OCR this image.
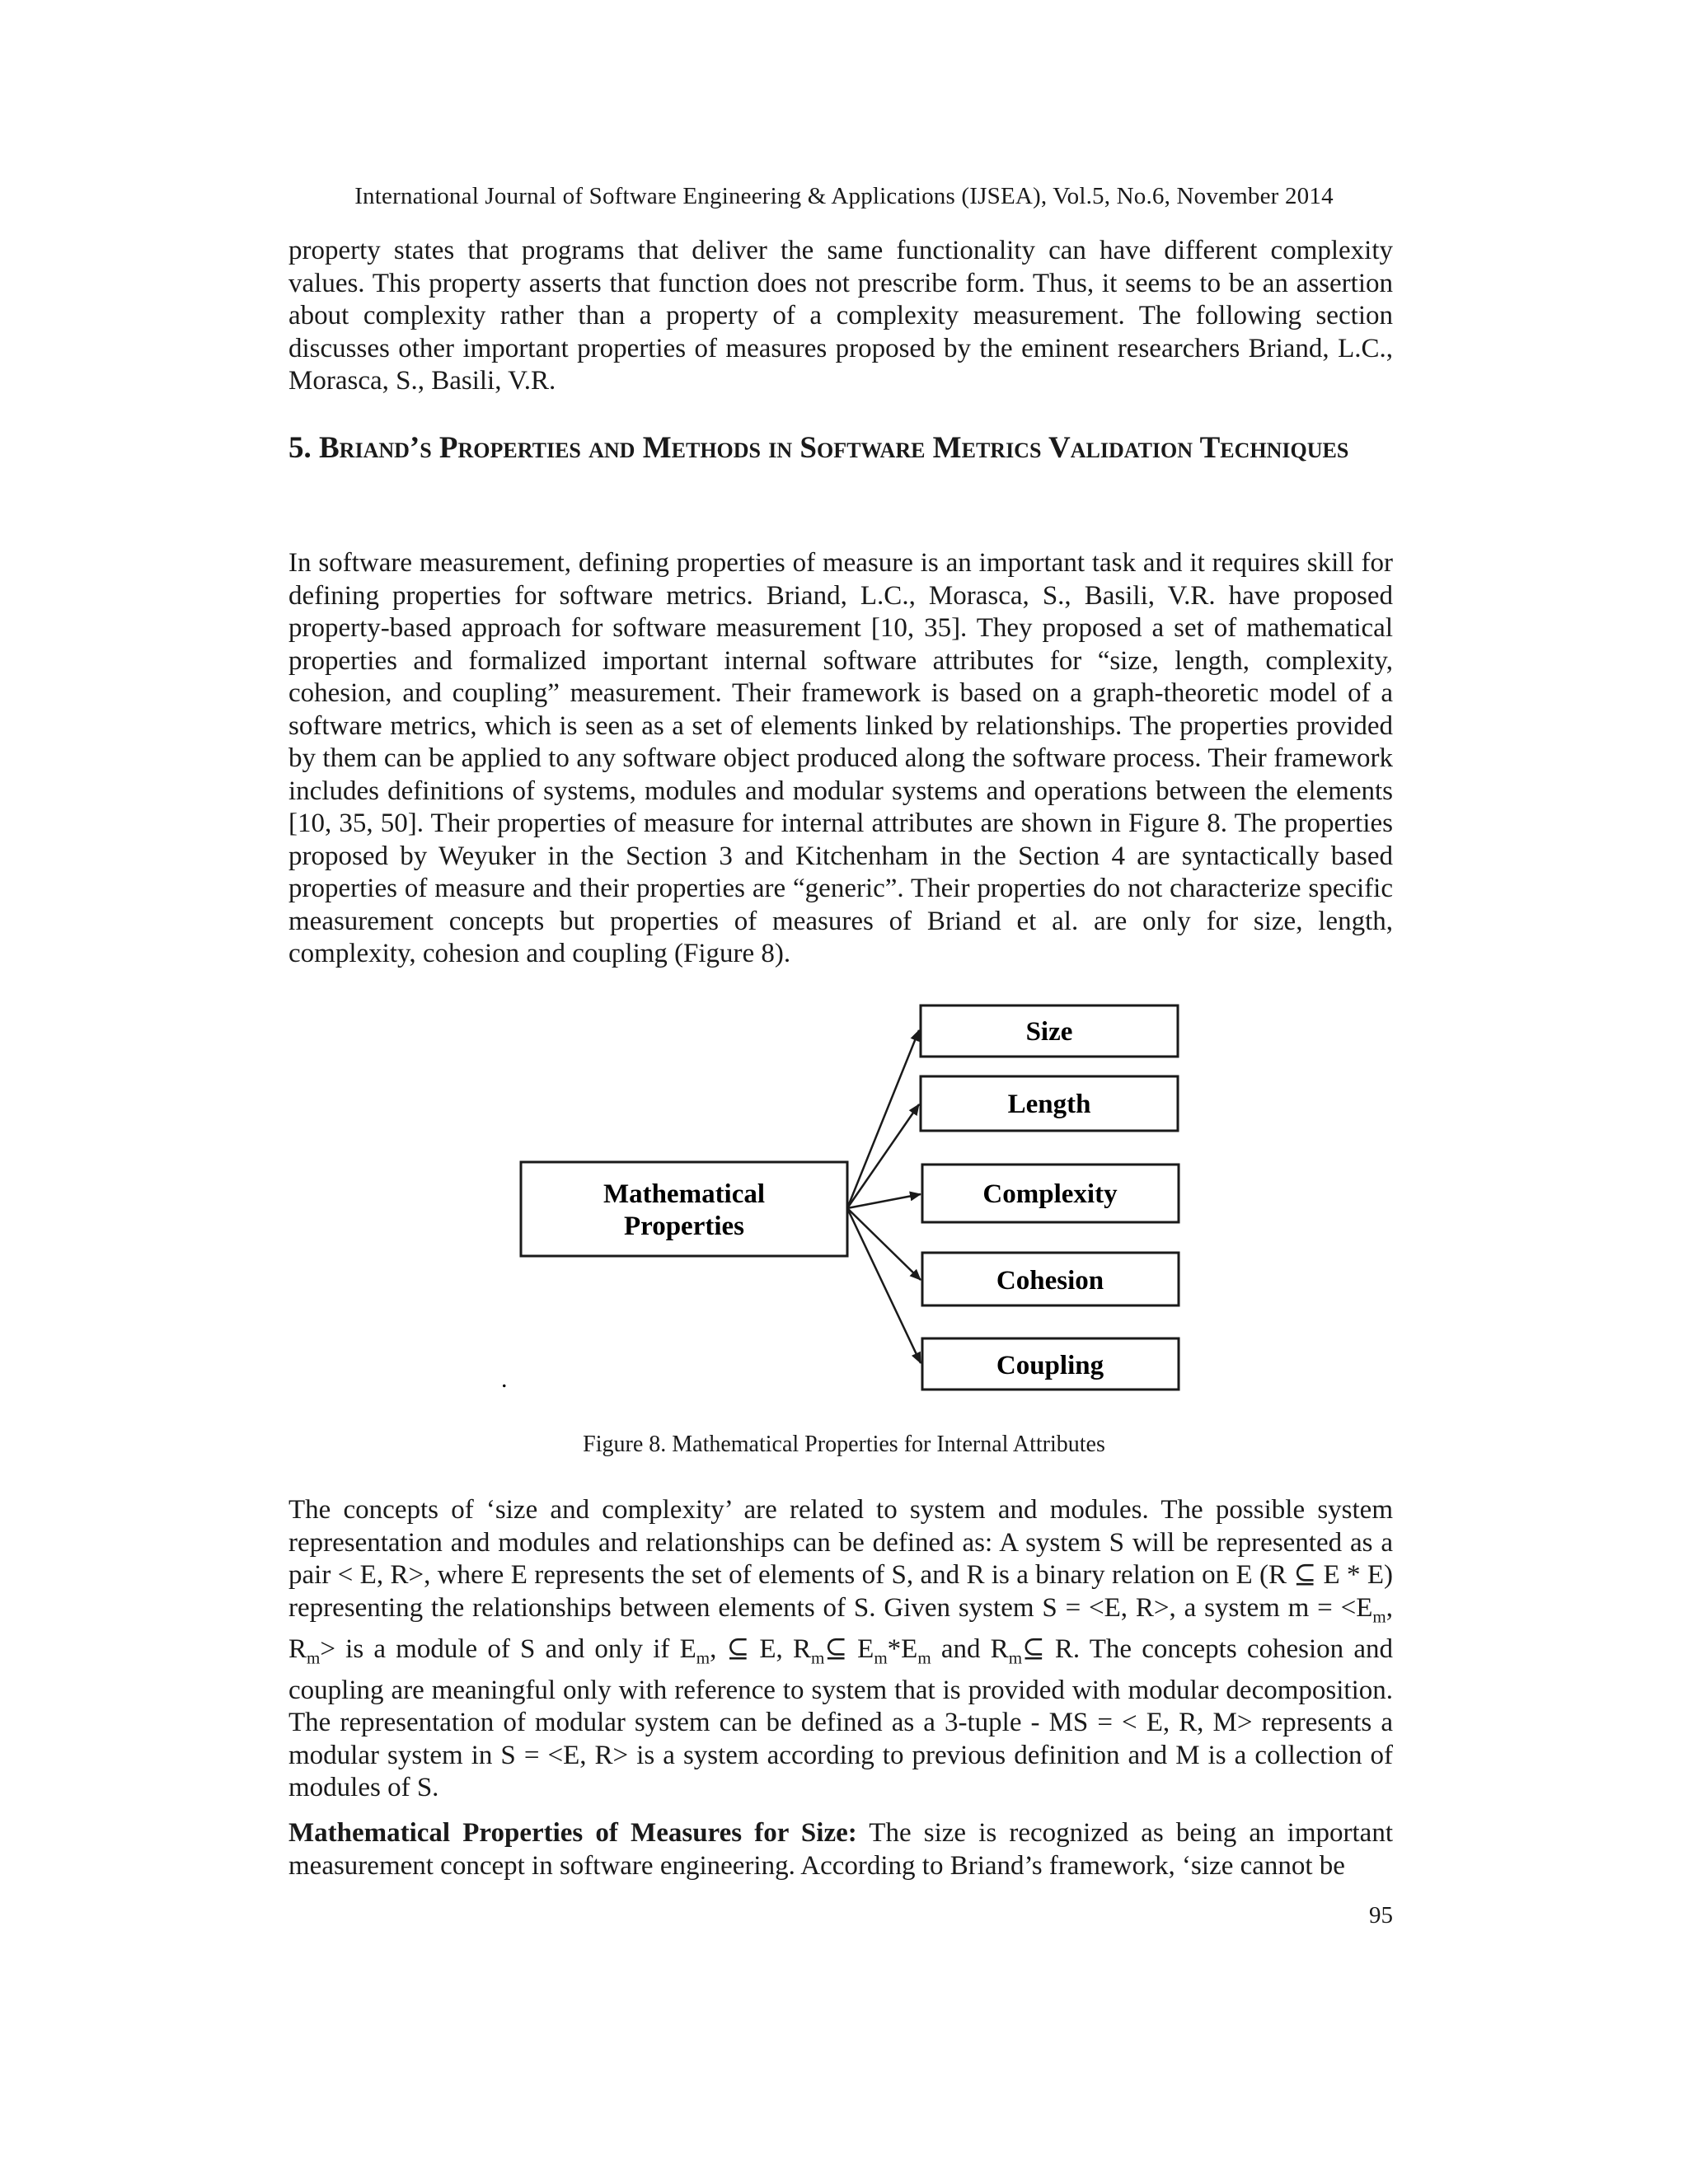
International Journal of Software Engineering & Applications (IJSEA), Vol.5, No.6, November 2014

property states that programs that deliver the same functionality can have different complexity values. This property asserts that function does not prescribe form. Thus, it seems to be an assertion about complexity rather than a property of a complexity measurement. The following section discusses other important properties of measures proposed by the eminent researchers Briand, L.C., Morasca, S., Basili, V.R.

5. Briand’s Properties and Methods in Software Metrics Validation Techniques

In software measurement, defining properties of measure is an important task and it requires skill for defining properties for software metrics. Briand, L.C., Morasca, S., Basili, V.R. have proposed property-based approach for software measurement [10, 35]. They proposed a set of mathematical properties and formalized important internal software attributes for “size, length, complexity, cohesion, and coupling” measurement. Their framework is based on a graph-theoretic model of a software metrics, which is seen as a set of elements linked by relationships. The properties provided by them can be applied to any software object produced along the software process. Their framework includes definitions of systems, modules and modular systems and operations between the elements [10, 35, 50]. Their properties of measure for internal attributes are shown in Figure 8. The properties proposed by Weyuker in the Section 3 and Kitchenham in the Section 4 are syntactically based properties of measure and their properties are “generic”. Their properties do not characterize specific measurement concepts but properties of measures of Briand et al. are only for size, length, complexity, cohesion and coupling (Figure 8).

Mathematical
Properties
Size
Length
Complexity
Cohesion
Coupling
.
Figure 8. Mathematical Properties for Internal Attributes

The concepts of ‘size and complexity’ are related to system and modules. The possible system representation and modules and relationships can be defined as: A system S will be represented as a pair < E, R>, where E represents the set of elements of S, and R is a binary relation on E (R ⊆ E * E) representing the relationships between elements of S. Given system S = <E, R>, a system $m = <E_m$, $R_m>$ is a module of S and only if $E_m$, ⊆ E, $R_m⊆$ $E_m*E_m$ and $R_m⊆$ R. The concepts cohesion and coupling are meaningful only with reference to system that is provided with modular decomposition. The representation of modular system can be defined as a 3-tuple - MS = < E, R, M> represents a modular system in S = <E, R> is a system according to previous definition and M is a collection of modules of S.

Mathematical Properties of Measures for Size: The size is recognized as being an important measurement concept in software engineering. According to Briand’s framework, ‘size cannot be

95
